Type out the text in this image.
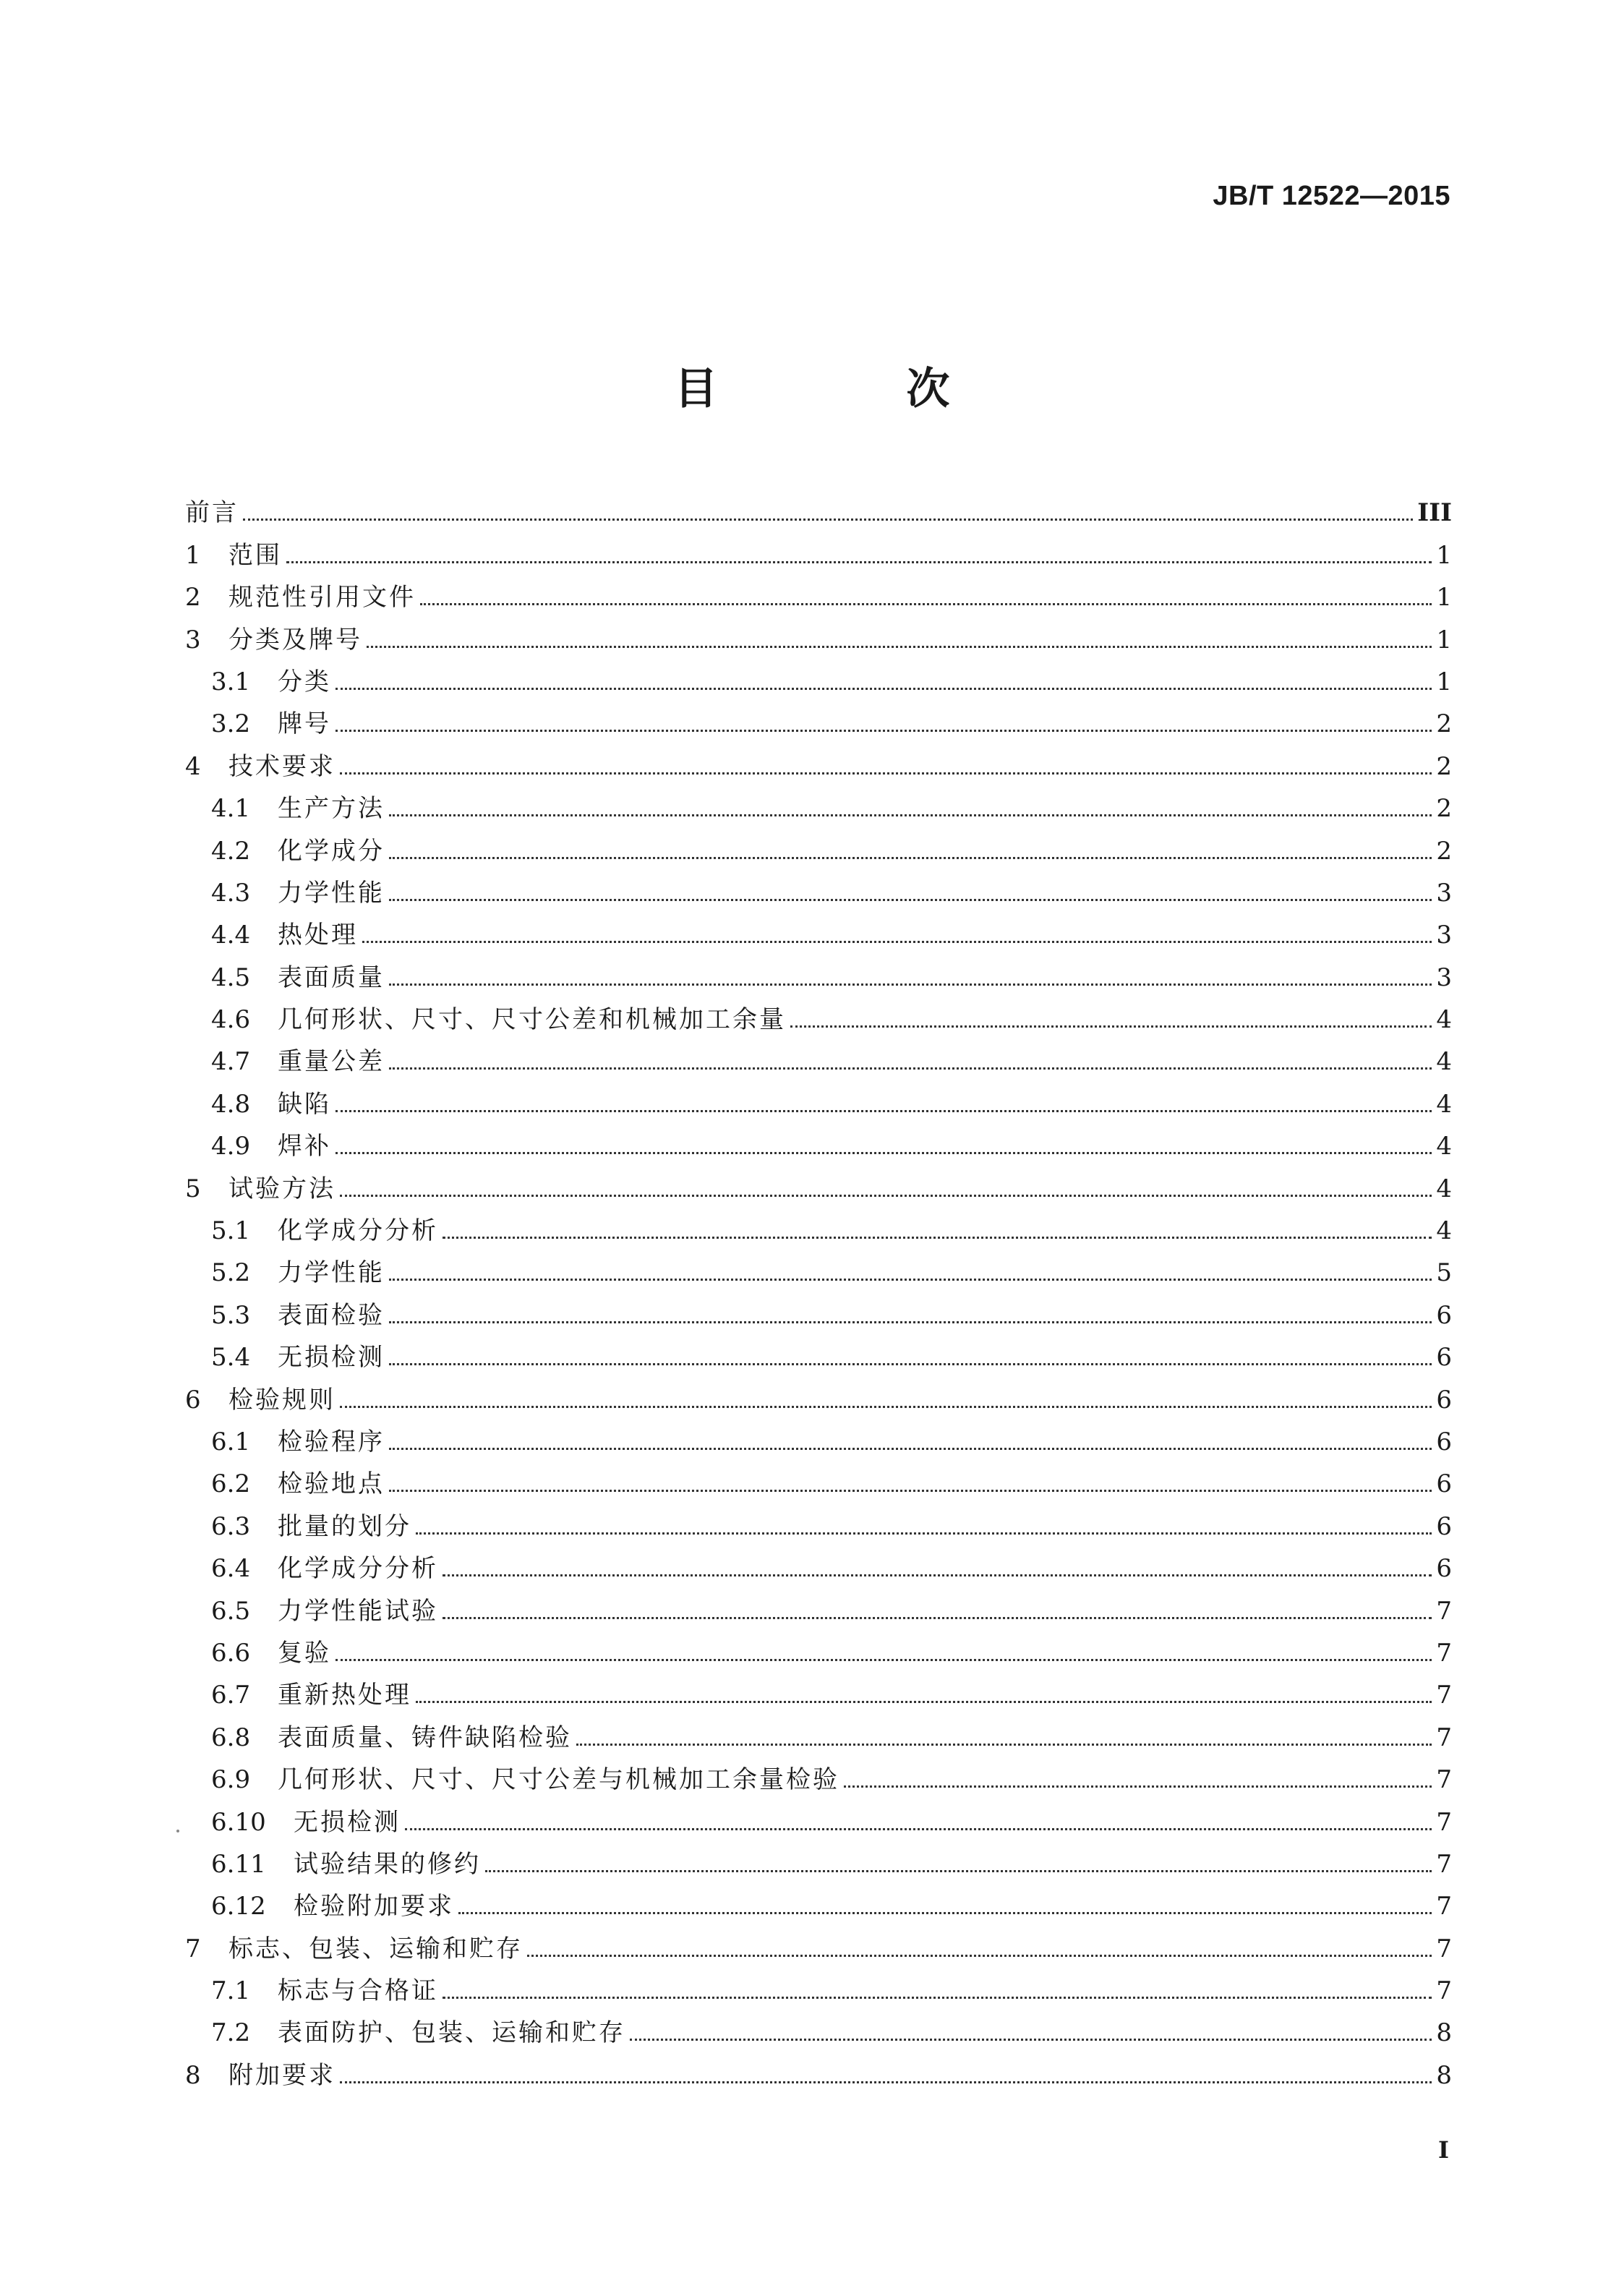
JB/T 12522—2015
目 次
前言	III
1	范围	1
2	规范性引用文件	1
3	分类及牌号	1
3.1	分类	1
3.2	牌号	2
4	技术要求	2
4.1	生产方法	2
4.2	化学成分	2
4.3	力学性能	3
4.4	热处理	3
4.5	表面质量	3
4.6	几何形状、尺寸、尺寸公差和机械加工余量	4
4.7	重量公差	4
4.8	缺陷	4
4.9	焊补	4
5	试验方法	4
5.1	化学成分分析	4
5.2	力学性能	5
5.3	表面检验	6
5.4	无损检测	6
6	检验规则	6
6.1	检验程序	6
6.2	检验地点	6
6.3	批量的划分	6
6.4	化学成分分析	6
6.5	力学性能试验	7
6.6	复验	7
6.7	重新热处理	7
6.8	表面质量、铸件缺陷检验	7
6.9	几何形状、尺寸、尺寸公差与机械加工余量检验	7
6.10	无损检测	7
6.11	试验结果的修约	7
6.12	检验附加要求	7
7	标志、包装、运输和贮存	7
7.1	标志与合格证	7
7.2	表面防护、包装、运输和贮存	8
8	附加要求	8
I
